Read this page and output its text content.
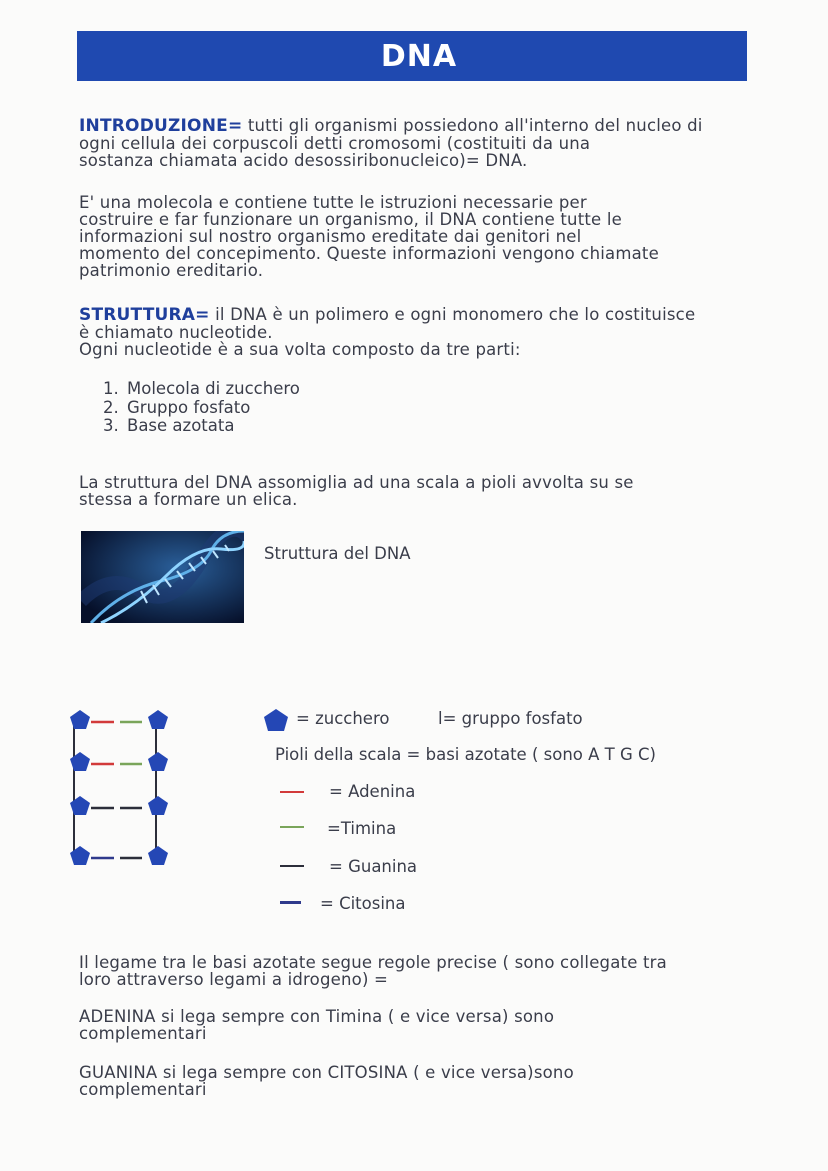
DNA

INTRODUZIONE= tutti gli organismi possiedono all'interno del nucleo di
ogni cellula dei corpuscoli detti cromosomi (costituiti da una
sostanza chiamata acido desossiribonucleico)= DNA.

E' una molecola e contiene tutte le istruzioni necessarie per
costruire e far funzionare un organismo, il DNA contiene tutte le
informazioni sul nostro organismo ereditate dai genitori nel
momento del concepimento. Queste informazioni vengono chiamate
patrimonio ereditario.

STRUTTURA= il DNA è un polimero e ogni monomero che lo costituisce
è chiamato nucleotide.
Ogni nucleotide è a sua volta composto da tre parti:

1. Molecola di zucchero
2. Gruppo fosfato
3. Base azotata

La struttura del DNA assomiglia ad una scala a pioli avvolta su se
stessa a formare un elica.

Struttura del DNA
= zucchero	l= gruppo fosfato
Pioli della scala = basi azotate ( sono A T G C)
= Adenina
=Timina
= Guanina
= Citosina

Il legame tra le basi azotate segue regole precise ( sono collegate tra
loro attraverso legami a idrogeno) =

ADENINA si lega sempre con Timina ( e vice versa) sono
complementari

GUANINA si lega sempre con CITOSINA ( e vice versa)sono
complementari
